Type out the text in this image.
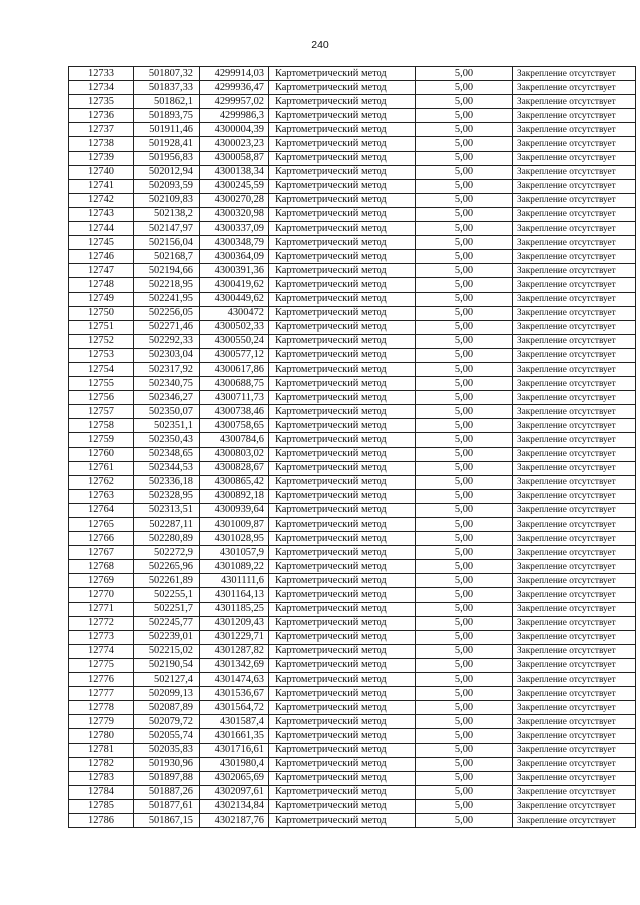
240
12733	501807,32	4299914,03	Картометрический метод	5,00	Закрепление отсутствует
12734	501837,33	4299936,47	Картометрический метод	5,00	Закрепление отсутствует
12735	501862,1	4299957,02	Картометрический метод	5,00	Закрепление отсутствует
12736	501893,75	4299986,3	Картометрический метод	5,00	Закрепление отсутствует
12737	501911,46	4300004,39	Картометрический метод	5,00	Закрепление отсутствует
12738	501928,41	4300023,23	Картометрический метод	5,00	Закрепление отсутствует
12739	501956,83	4300058,87	Картометрический метод	5,00	Закрепление отсутствует
12740	502012,94	4300138,34	Картометрический метод	5,00	Закрепление отсутствует
12741	502093,59	4300245,59	Картометрический метод	5,00	Закрепление отсутствует
12742	502109,83	4300270,28	Картометрический метод	5,00	Закрепление отсутствует
12743	502138,2	4300320,98	Картометрический метод	5,00	Закрепление отсутствует
12744	502147,97	4300337,09	Картометрический метод	5,00	Закрепление отсутствует
12745	502156,04	4300348,79	Картометрический метод	5,00	Закрепление отсутствует
12746	502168,7	4300364,09	Картометрический метод	5,00	Закрепление отсутствует
12747	502194,66	4300391,36	Картометрический метод	5,00	Закрепление отсутствует
12748	502218,95	4300419,62	Картометрический метод	5,00	Закрепление отсутствует
12749	502241,95	4300449,62	Картометрический метод	5,00	Закрепление отсутствует
12750	502256,05	4300472	Картометрический метод	5,00	Закрепление отсутствует
12751	502271,46	4300502,33	Картометрический метод	5,00	Закрепление отсутствует
12752	502292,33	4300550,24	Картометрический метод	5,00	Закрепление отсутствует
12753	502303,04	4300577,12	Картометрический метод	5,00	Закрепление отсутствует
12754	502317,92	4300617,86	Картометрический метод	5,00	Закрепление отсутствует
12755	502340,75	4300688,75	Картометрический метод	5,00	Закрепление отсутствует
12756	502346,27	4300711,73	Картометрический метод	5,00	Закрепление отсутствует
12757	502350,07	4300738,46	Картометрический метод	5,00	Закрепление отсутствует
12758	502351,1	4300758,65	Картометрический метод	5,00	Закрепление отсутствует
12759	502350,43	4300784,6	Картометрический метод	5,00	Закрепление отсутствует
12760	502348,65	4300803,02	Картометрический метод	5,00	Закрепление отсутствует
12761	502344,53	4300828,67	Картометрический метод	5,00	Закрепление отсутствует
12762	502336,18	4300865,42	Картометрический метод	5,00	Закрепление отсутствует
12763	502328,95	4300892,18	Картометрический метод	5,00	Закрепление отсутствует
12764	502313,51	4300939,64	Картометрический метод	5,00	Закрепление отсутствует
12765	502287,11	4301009,87	Картометрический метод	5,00	Закрепление отсутствует
12766	502280,89	4301028,95	Картометрический метод	5,00	Закрепление отсутствует
12767	502272,9	4301057,9	Картометрический метод	5,00	Закрепление отсутствует
12768	502265,96	4301089,22	Картометрический метод	5,00	Закрепление отсутствует
12769	502261,89	4301111,6	Картометрический метод	5,00	Закрепление отсутствует
12770	502255,1	4301164,13	Картометрический метод	5,00	Закрепление отсутствует
12771	502251,7	4301185,25	Картометрический метод	5,00	Закрепление отсутствует
12772	502245,77	4301209,43	Картометрический метод	5,00	Закрепление отсутствует
12773	502239,01	4301229,71	Картометрический метод	5,00	Закрепление отсутствует
12774	502215,02	4301287,82	Картометрический метод	5,00	Закрепление отсутствует
12775	502190,54	4301342,69	Картометрический метод	5,00	Закрепление отсутствует
12776	502127,4	4301474,63	Картометрический метод	5,00	Закрепление отсутствует
12777	502099,13	4301536,67	Картометрический метод	5,00	Закрепление отсутствует
12778	502087,89	4301564,72	Картометрический метод	5,00	Закрепление отсутствует
12779	502079,72	4301587,4	Картометрический метод	5,00	Закрепление отсутствует
12780	502055,74	4301661,35	Картометрический метод	5,00	Закрепление отсутствует
12781	502035,83	4301716,61	Картометрический метод	5,00	Закрепление отсутствует
12782	501930,96	4301980,4	Картометрический метод	5,00	Закрепление отсутствует
12783	501897,88	4302065,69	Картометрический метод	5,00	Закрепление отсутствует
12784	501887,26	4302097,61	Картометрический метод	5,00	Закрепление отсутствует
12785	501877,61	4302134,84	Картометрический метод	5,00	Закрепление отсутствует
12786	501867,15	4302187,76	Картометрический метод	5,00	Закрепление отсутствует
